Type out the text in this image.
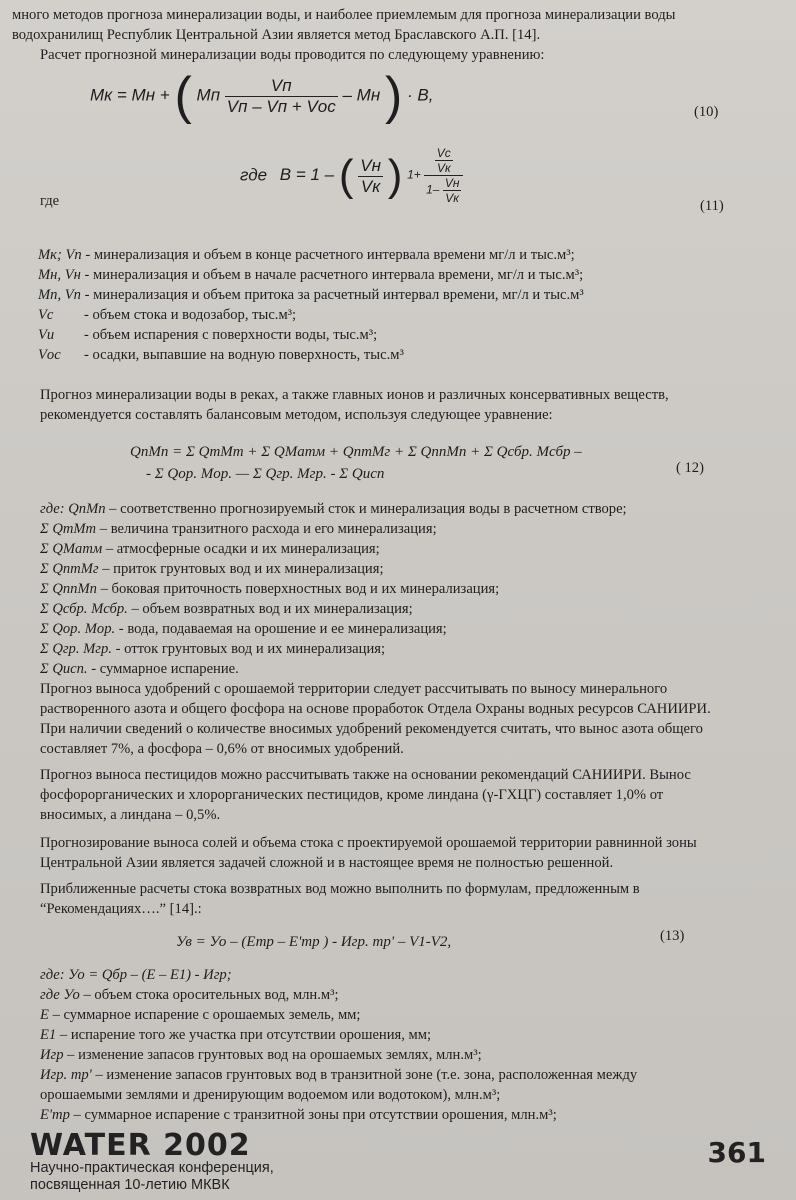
много методов прогноза минерализации воды, и наиболее приемлемым для прогноза минерализации воды
водохранилищ Республик Центральной Азии является метод Браславского А.П. [14].
Расчет прогнозной минерализации воды проводится по следующему уравнению:
Мк = Мн + ( Мп $\frac{Vп}{\text{Vп – Vп + Vос}}$ – Мн ) · B,
(10)
где
где B = 1 – ( $\frac{Vн}{Vк}$ ) $1+ \frac{\frac{Vс}{Vк}}{1- \frac{Vн}{Vк}}$
(11)
Мк; Vп - минерализация и объем в конце расчетного интервала времени мг/л и тыс.м³;
Мн, Vн - минерализация и объем в начале расчетного интервала времени, мг/л и тыс.м³;
Мп, Vп - минерализация и объем притока за расчетный интервал времени, мг/л и тыс.м³
Vс - объем стока и водозабор, тыс.м³;
Vи - объем испарения с поверхности воды, тыс.м³;
Vос - осадки, выпавшие на водную поверхность, тыс.м³
Прогноз минерализации воды в реках, а также главных ионов и различных консервативных веществ,
рекомендуется составлять балансовым методом, используя следующее уравнение:
QпMп = Σ QтMт + Σ QMатм + QптMг + Σ QппMп + Σ Qсбр. Mсбр –
- Σ Qор. Mор. — Σ Qгр. Mгр. - Σ Qисп	( 12)
где: QпMп – соответственно прогнозируемый сток и минерализация воды в расчетном створе;
Σ QтMт – величина транзитного расхода и его минерализация;
Σ QMатм – атмосферные осадки и их минерализация;
Σ QптMг – приток грунтовых вод и их минерализация;
Σ QппMп – боковая приточность поверхностных вод и их минерализация;
Σ Qсбр. Mсбр. – объем возвратных вод и их минерализация;
Σ Qор. Mор. - вода, подаваемая на орошение и ее минерализация;
Σ Qгр. Mгр. - отток грунтовых вод и их минерализация;
Σ Qисп. - суммарное испарение.
Прогноз выноса удобрений с орошаемой территории следует рассчитывать по выносу минерального
растворенного азота и общего фосфора на основе проработок Отдела Охраны водных ресурсов САНИИРИ.
При наличии сведений о количестве вносимых удобрений рекомендуется считать, что вынос азота общего
составляет 7%, а фосфора – 0,6% от вносимых удобрений.
Прогноз выноса пестицидов можно рассчитывать также на основании рекомендаций САНИИРИ. Вынос
фосфорорганических и хлорорганических пестицидов, кроме линдана (γ-ГХЦГ) составляет 1,0% от
вносимых, а линдана – 0,5%.
Прогнозирование выноса солей и объема стока с проектируемой орошаемой территории равнинной зоны
Центральной Азии является задачей сложной и в настоящее время не полностью решенной.
Приближенные расчеты стока возвратных вод можно выполнить по формулам, предложенным в
“Рекомендациях….” [14].:
Ув = Уо – (Eтр – E'тр ) - Игр. тр' – V1-V2,	(13)
где: Уо = Qбр – (E – E1) - Игр;
где Уо – объем стока оросительных вод, млн.м³;
E – суммарное испарение с орошаемых земель, мм;
E1 – испарение того же участка при отсутствии орошения, мм;
Игр – изменение запасов грунтовых вод на орошаемых землях, млн.м³;
Игр. тр' – изменение запасов грунтовых вод в транзитной зоне (т.е. зона, расположенная между
орошаемыми землями и дренирующим водоемом или водотоком), млн.м³;
E'тр – суммарное испарение с транзитной зоны при отсутствии орошения, млн.м³;
WATER 2002
Научно-практическая конференция,
посвященная 10-летию МКВК
361
